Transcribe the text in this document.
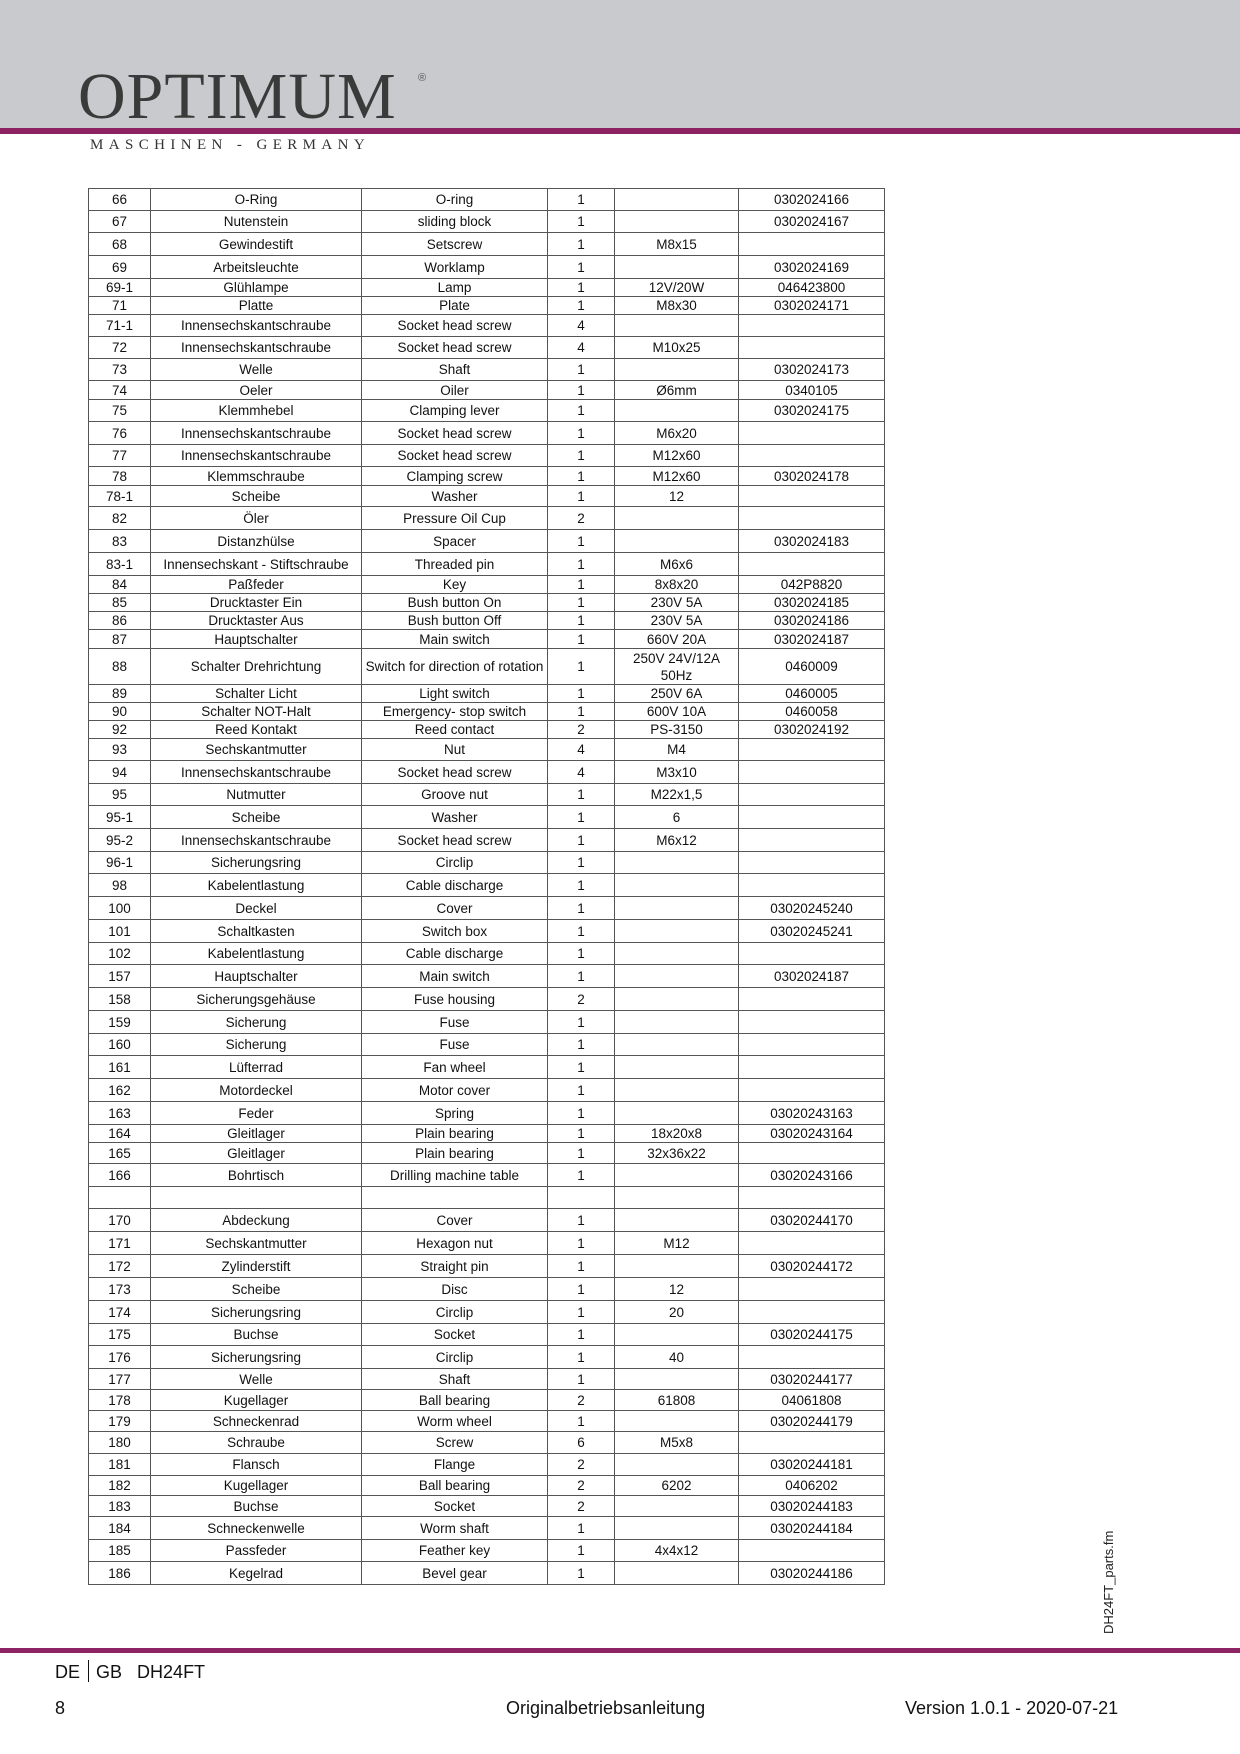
OPTIMUM ®
MASCHINEN - GERMANY
66	O-Ring	O-ring	1		0302024166
67	Nutenstein	sliding block	1		0302024167
68	Gewindestift	Setscrew	1	M8x15	
69	Arbeitsleuchte	Worklamp	1		0302024169
69-1	Glühlampe	Lamp	1	12V/20W	046423800
71	Platte	Plate	1	M8x30	0302024171
71-1	Innensechskantschraube	Socket head screw	4		
72	Innensechskantschraube	Socket head screw	4	M10x25	
73	Welle	Shaft	1		0302024173
74	Oeler	Oiler	1	Ø6mm	0340105
75	Klemmhebel	Clamping lever	1		0302024175
76	Innensechskantschraube	Socket head screw	1	M6x20	
77	Innensechskantschraube	Socket head screw	1	M12x60	
78	Klemmschraube	Clamping screw	1	M12x60	0302024178
78-1	Scheibe	Washer	1	12	
82	Öler	Pressure Oil Cup	2		
83	Distanzhülse	Spacer	1		0302024183
83-1	Innensechskant - Stiftschraube	Threaded pin	1	M6x6	
84	Paßfeder	Key	1	8x8x20	042P8820
85	Drucktaster Ein	Bush button On	1	230V 5A	0302024185
86	Drucktaster Aus	Bush button Off	1	230V 5A	0302024186
87	Hauptschalter	Main switch	1	660V 20A	0302024187
88	Schalter Drehrichtung	Switch for direction of rotation	1	250V 24V/12A 50Hz	0460009
89	Schalter Licht	Light switch	1	250V 6A	0460005
90	Schalter NOT-Halt	Emergency- stop switch	1	600V 10A	0460058
92	Reed Kontakt	Reed contact	2	PS-3150	0302024192
93	Sechskantmutter	Nut	4	M4	
94	Innensechskantschraube	Socket head screw	4	M3x10	
95	Nutmutter	Groove nut	1	M22x1,5	
95-1	Scheibe	Washer	1	6	
95-2	Innensechskantschraube	Socket head screw	1	M6x12	
96-1	Sicherungsring	Circlip	1		
98	Kabelentlastung	Cable discharge	1		
100	Deckel	Cover	1		03020245240
101	Schaltkasten	Switch box	1		03020245241
102	Kabelentlastung	Cable discharge	1		
157	Hauptschalter	Main switch	1		0302024187
158	Sicherungsgehäuse	Fuse housing	2		
159	Sicherung	Fuse	1		
160	Sicherung	Fuse	1		
161	Lüfterrad	Fan wheel	1		
162	Motordeckel	Motor cover	1		
163	Feder	Spring	1		03020243163
164	Gleitlager	Plain bearing	1	18x20x8	03020243164
165	Gleitlager	Plain bearing	1	32x36x22	
166	Bohrtisch	Drilling machine table	1		03020243166

170	Abdeckung	Cover	1		03020244170
171	Sechskantmutter	Hexagon nut	1	M12	
172	Zylinderstift	Straight pin	1		03020244172
173	Scheibe	Disc	1	12	
174	Sicherungsring	Circlip	1	20	
175	Buchse	Socket	1		03020244175
176	Sicherungsring	Circlip	1	40	
177	Welle	Shaft	1		03020244177
178	Kugellager	Ball bearing	2	61808	04061808
179	Schneckenrad	Worm wheel	1		03020244179
180	Schraube	Screw	6	M5x8	
181	Flansch	Flange	2		03020244181
182	Kugellager	Ball bearing	2	6202	0406202
183	Buchse	Socket	2		03020244183
184	Schneckenwelle	Worm shaft	1		03020244184
185	Passfeder	Feather key	1	4x4x12	
186	Kegelrad	Bevel gear	1		03020244186	DH24FT_parts.fm
DE GB DH24FT
8	Originalbetriebsanleitung	Version 1.0.1 - 2020-07-21
